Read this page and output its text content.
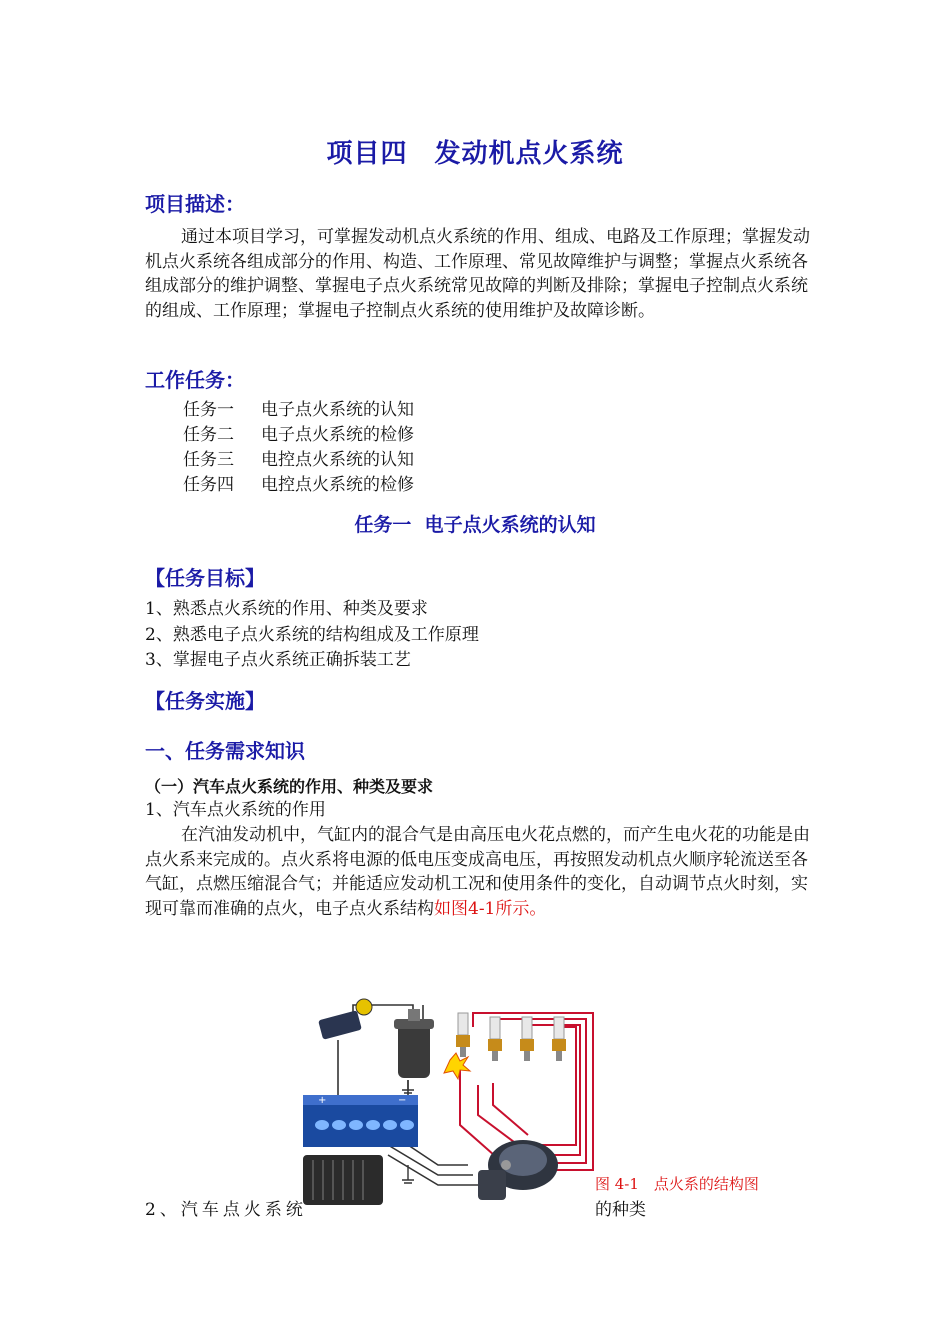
项目四　发动机点火系统
项目描述：

通过本项目学习，可掌握发动机点火系统的作用、组成、电路及工作原理；掌握发动机点火系统各组成部分的作用、构造、工作原理、常见故障维护与调整；掌握点火系统各组成部分的维护调整、掌握电子点火系统常见故障的判断及排除；掌握电子控制点火系统的组成、工作原理；掌握电子控制点火系统的使用维护及故障诊断。

工作任务：
任务一 电子点火系统的认知
任务二 电子点火系统的检修
任务三 电控点火系统的认知
任务四 电控点火系统的检修
任务一  电子点火系统的认知
【任务目标】
1、熟悉点火系统的作用、种类及要求
2、熟悉电子点火系统的结构组成及工作原理
3、掌握电子点火系统正确拆装工艺
【任务实施】
一、任务需求知识
（一）汽车点火系统的作用、种类及要求
1、汽车点火系统的作用

在汽油发动机中，气缸内的混合气是由高压电火花点燃的，而产生电火花的功能是由点火系来完成的。点火系将电源的低电压变成高电压，再按照发动机点火顺序轮流送至各气缸，点燃压缩混合气；并能适应发动机工况和使用条件的变化，自动调节点火时刻，实现可靠而准确的点火，电子点火系结构如图4-1所示。

+	−
图 4-1　点火系的结构图
2、汽车点火系统	的种类
